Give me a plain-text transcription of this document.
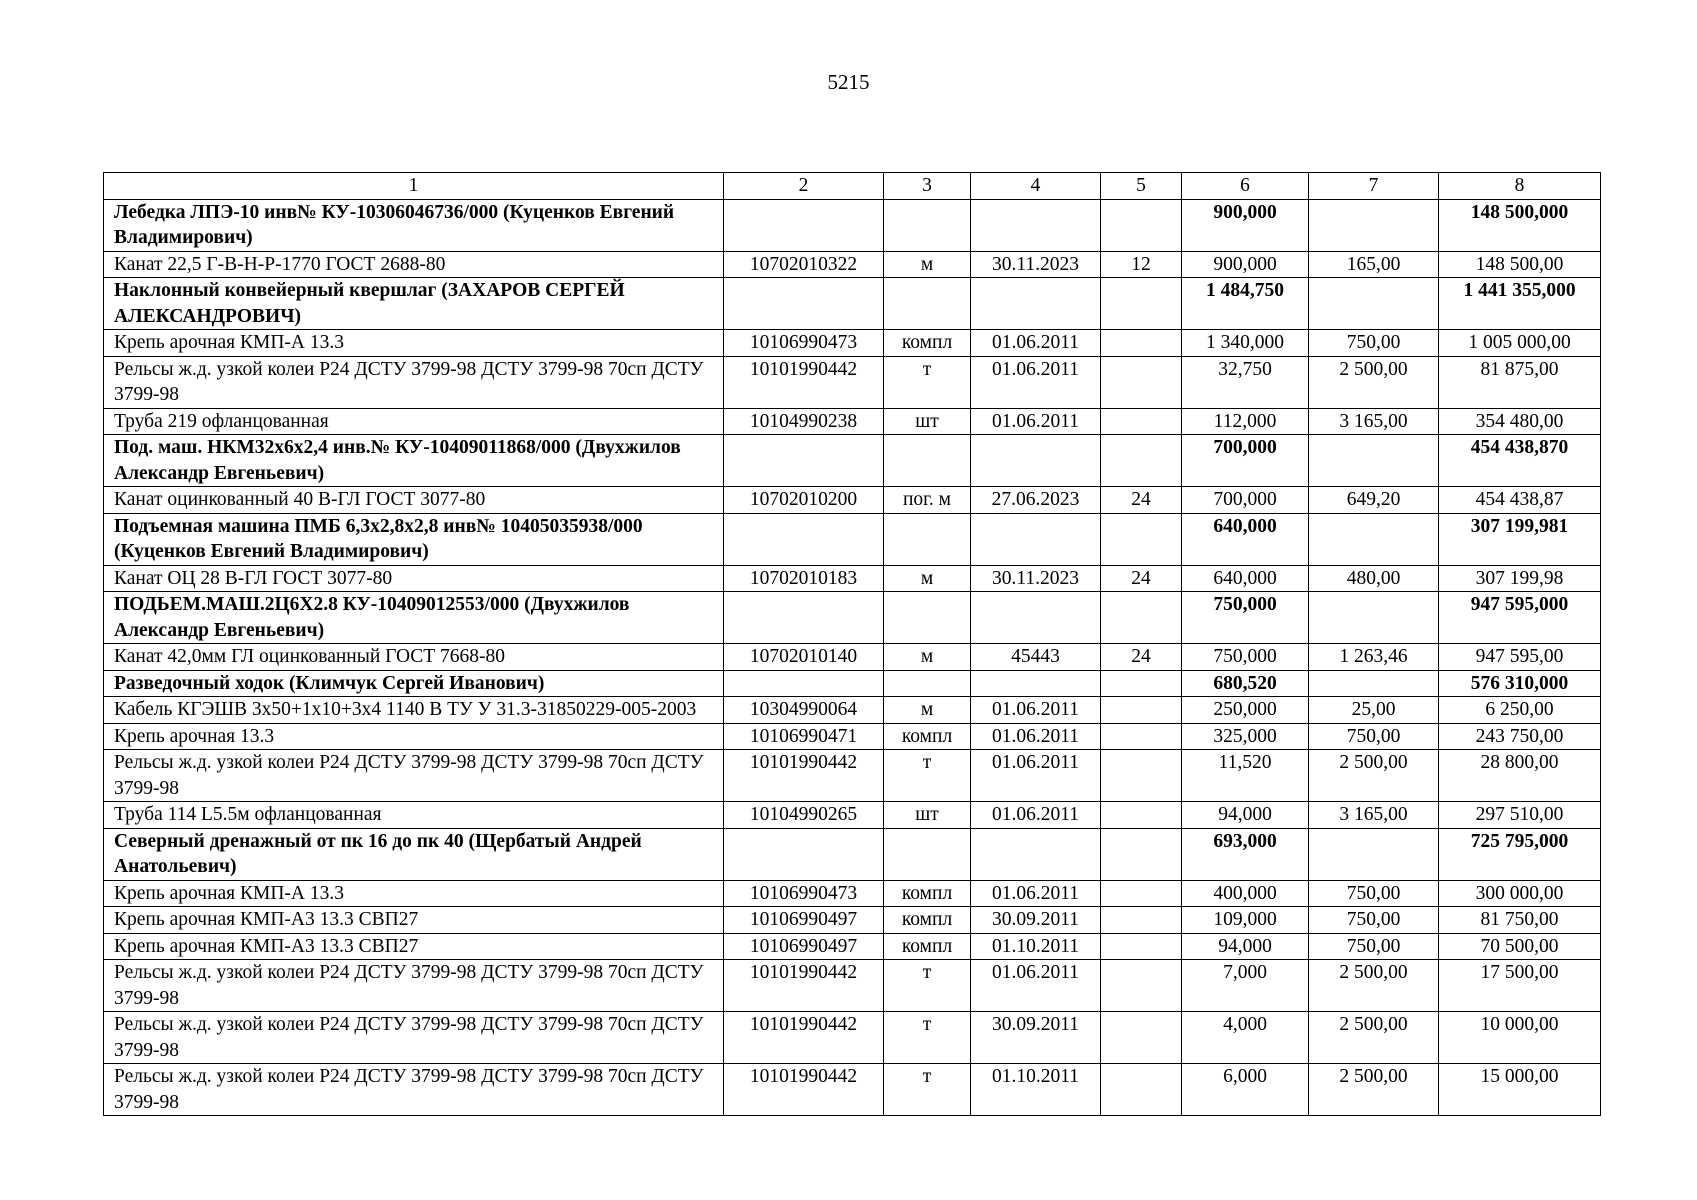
5215
1	2	3	4	5	6	7	8
Лебедка ЛПЭ-10 инв№ КУ-10306046736/000 (Куценков Евгений Владимирович)					900,000		148 500,000
Канат 22,5 Г-В-Н-Р-1770 ГОСТ 2688-80	10702010322	м	30.11.2023	12	900,000	165,00	148 500,00
Наклонный конвейерный квершлаг (ЗАХАРОВ СЕРГЕЙ АЛЕКСАНДРОВИЧ)					1 484,750		1 441 355,000
Крепь арочная КМП-А 13.3	10106990473	компл	01.06.2011		1 340,000	750,00	1 005 000,00
Рельсы ж.д. узкой колеи Р24 ДСТУ 3799-98 ДСТУ 3799-98 70сп ДСТУ 3799-98	10101990442	т	01.06.2011		32,750	2 500,00	81 875,00
Труба 219 офланцованная	10104990238	шт	01.06.2011		112,000	3 165,00	354 480,00
Под. маш. НКМ32х6х2,4 инв.№ КУ-10409011868/000 (Двухжилов Александр Евгеньевич)					700,000		454 438,870
Канат оцинкованный 40 В-ГЛ ГОСТ 3077-80	10702010200	пог. м	27.06.2023	24	700,000	649,20	454 438,87
Подъемная машина ПМБ 6,3х2,8х2,8 инв№ 10405035938/000 (Куценков Евгений Владимирович)					640,000		307 199,981
Канат ОЦ 28 В-ГЛ ГОСТ 3077-80	10702010183	м	30.11.2023	24	640,000	480,00	307 199,98
ПОДЬЕМ.МАШ.2Ц6Х2.8 КУ-10409012553/000 (Двухжилов Александр Евгеньевич)					750,000		947 595,000
Канат 42,0мм ГЛ оцинкованный ГОСТ 7668-80	10702010140	м	45443	24	750,000	1 263,46	947 595,00
Разведочный ходок (Климчук Сергей Иванович)					680,520		576 310,000
Кабель КГЭШВ 3х50+1х10+3х4 1140 В ТУ У 31.3-31850229-005-2003	10304990064	м	01.06.2011		250,000	25,00	6 250,00
Крепь арочная 13.3	10106990471	компл	01.06.2011		325,000	750,00	243 750,00
Рельсы ж.д. узкой колеи Р24 ДСТУ 3799-98 ДСТУ 3799-98 70сп ДСТУ 3799-98	10101990442	т	01.06.2011		11,520	2 500,00	28 800,00
Труба 114 L5.5м офланцованная	10104990265	шт	01.06.2011		94,000	3 165,00	297 510,00
Северный дренажный от пк 16 до пк 40 (Щербатый Андрей Анатольевич)					693,000		725 795,000
Крепь арочная КМП-А 13.3	10106990473	компл	01.06.2011		400,000	750,00	300 000,00
Крепь арочная КМП-А3 13.3 СВП27	10106990497	компл	30.09.2011		109,000	750,00	81 750,00
Крепь арочная КМП-А3 13.3 СВП27	10106990497	компл	01.10.2011		94,000	750,00	70 500,00
Рельсы ж.д. узкой колеи Р24 ДСТУ 3799-98 ДСТУ 3799-98 70сп ДСТУ 3799-98	10101990442	т	01.06.2011		7,000	2 500,00	17 500,00
Рельсы ж.д. узкой колеи Р24 ДСТУ 3799-98 ДСТУ 3799-98 70сп ДСТУ 3799-98	10101990442	т	30.09.2011		4,000	2 500,00	10 000,00
Рельсы ж.д. узкой колеи Р24 ДСТУ 3799-98 ДСТУ 3799-98 70сп ДСТУ 3799-98	10101990442	т	01.10.2011		6,000	2 500,00	15 000,00
